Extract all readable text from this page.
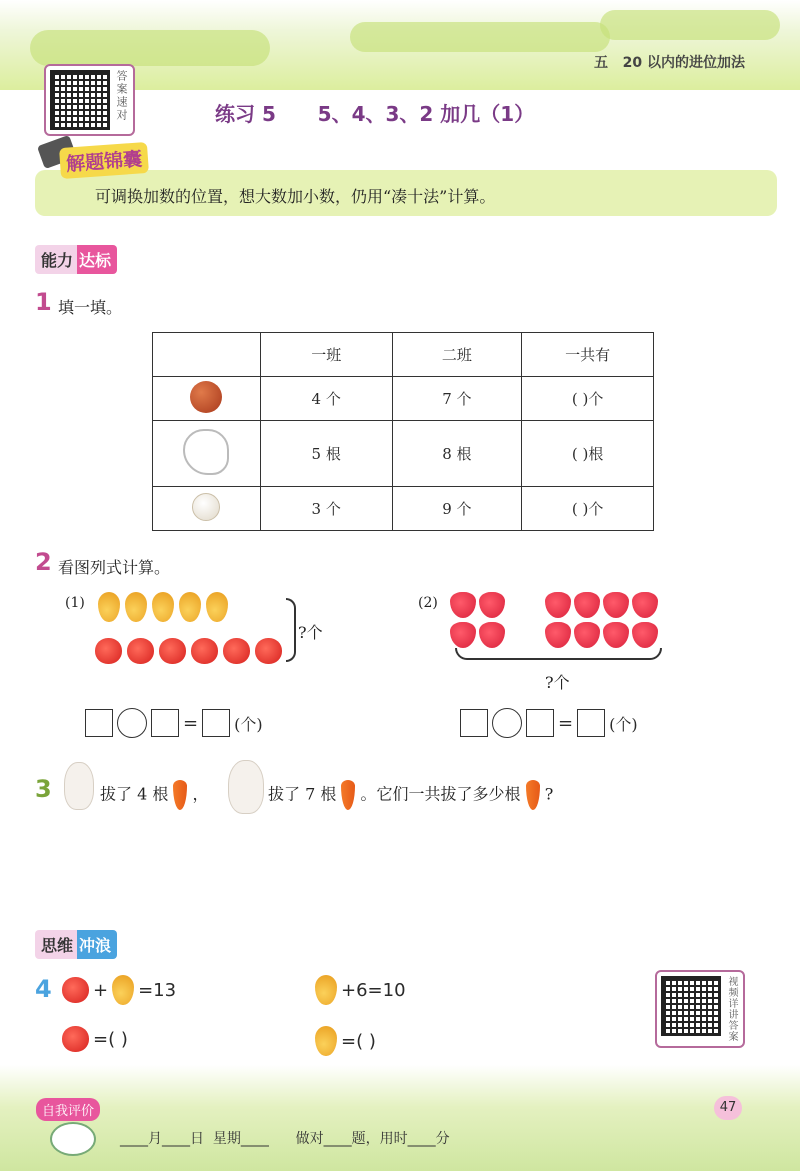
答案速对
五 20 以内的进位加法
练习 5      5、4、3、2 加几（1）
解题锦囊
可调换加数的位置，想大数加小数，仍用“凑十法”计算。
能力 达标
1 填一填。
	一班	二班	一共有
	4 个	7 个	( )个
	5 根	8 根	( )根
	3 个	9 个	( )个
2 看图列式计算。
(1)
?个
(2)
?个
= (个)	= (个)
3	拔了 4 根 ，	拔了 7 根 。它们一共拔了多少根 ?
思维 冲浪
4 + =13	+6=10
=( )	=( )	视频详讲答案
自我评价
____月____日  星期____      做对____题，用时____分
47
